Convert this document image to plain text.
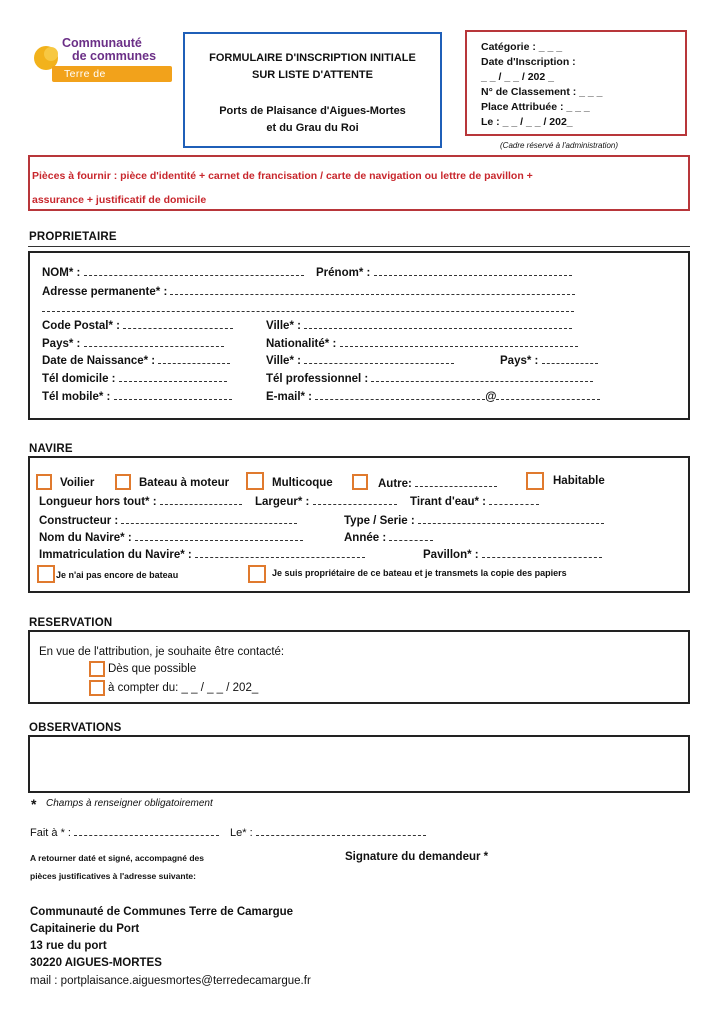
Communauté
de communes
Terre de CAMARGUE
FORMULAIRE D'INSCRIPTION INITIALE
SUR LISTE D'ATTENTE
Ports de Plaisance d'Aigues-Mortes
et du Grau du Roi
Catégorie : _ _ _
Date d'Inscription :
_ _ / _ _ / 202 _
N° de Classement : _ _ _
Place Attribuée : _ _ _
Le : _ _ / _ _ / 202_
(Cadre réservé à l'administration)
Pièces à fournir : pièce d'identité + carnet de francisation / carte de navigation ou lettre de pavillon +
assurance + justificatif de domicile
PROPRIETAIRE
NOM* :	Prénom* :
Adresse permanente* :
Code Postal* :	Ville* :
Pays* :	Nationalité* :
Date de Naissance* :	Ville* :	Pays* :
Tél domicile :	Tél professionnel :
Tél mobile* :	E-mail* :	@
NAVIRE
Voilier	Bateau à moteur	Multicoque	Autre:	Habitable
Longueur hors tout* :	Largeur* :	Tirant d'eau* :
Constructeur :	Type / Serie :
Nom du Navire* :	Année :
Immatriculation du Navire* :	Pavillon* :
Je n'ai pas encore de bateau	Je suis propriétaire de ce bateau et je transmets la copie des papiers
RESERVATION
En vue de l'attribution, je souhaite être contacté:
Dès que possible
à compter du: _ _ / _ _ / 202_
OBSERVATIONS
* Champs à renseigner obligatoirement
Fait à * :	Le* :
A retourner daté et signé, accompagné des
pièces justificatives à l'adresse suivante:
Signature du demandeur *
Communauté de Communes Terre de Camargue
Capitainerie du Port
13 rue du port
30220 AIGUES-MORTES
mail : portplaisance.aiguesmortes@terredecamargue.fr
